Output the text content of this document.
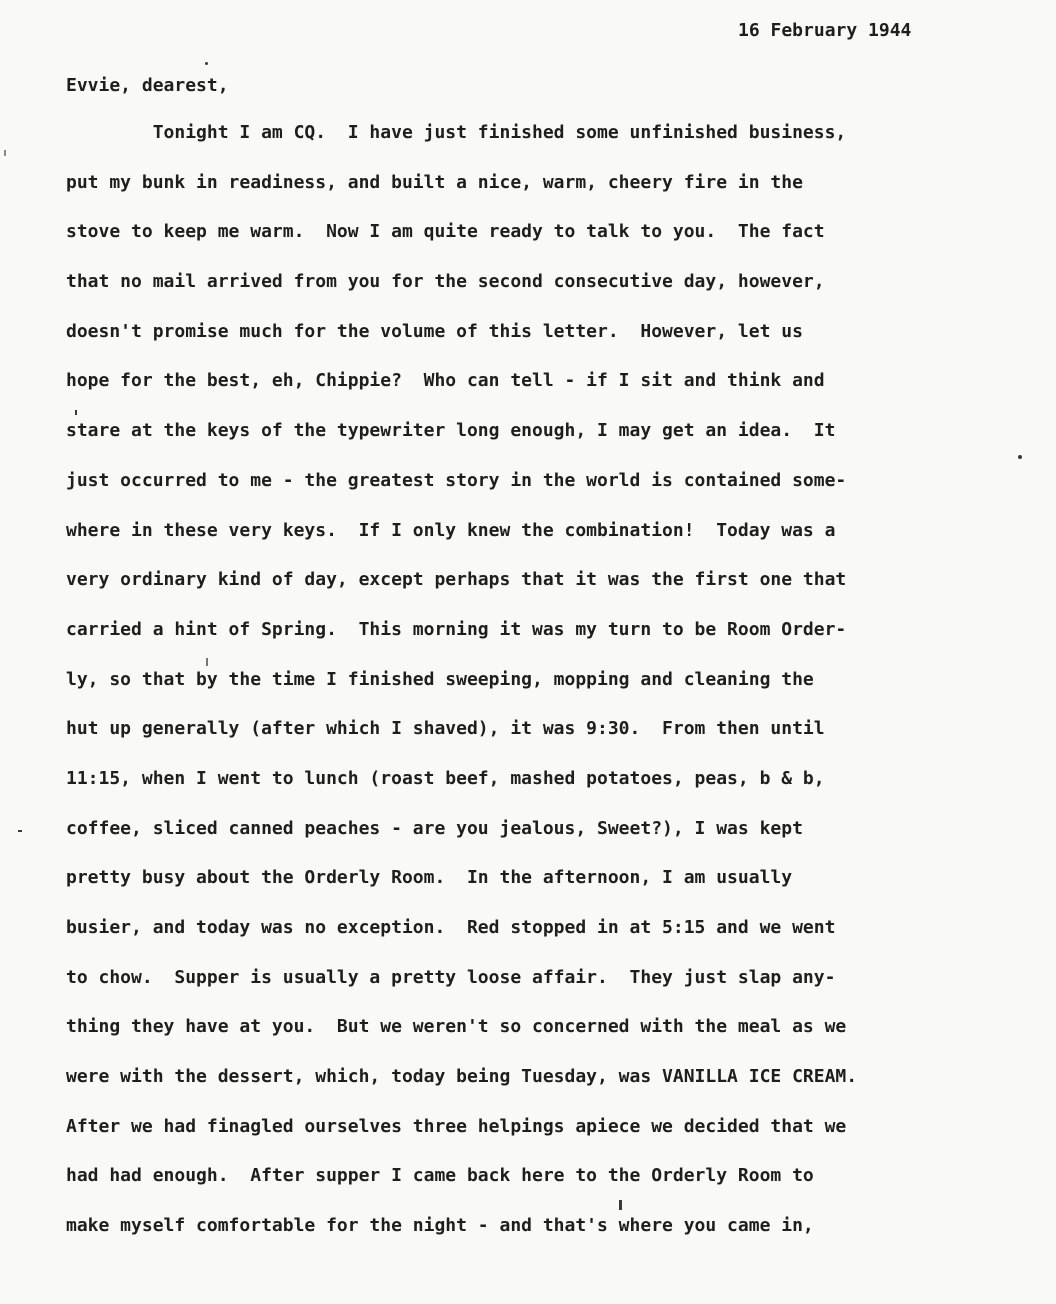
16 February 1944
Evvie, dearest,
Tonight I am CQ.  I have just finished some unfinished business,
put my bunk in readiness, and built a nice, warm, cheery fire in the
stove to keep me warm.  Now I am quite ready to talk to you.  The fact
that no mail arrived from you for the second consecutive day, however,
doesn't promise much for the volume of this letter.  However, let us
hope for the best, eh, Chippie?  Who can tell - if I sit and think and
stare at the keys of the typewriter long enough, I may get an idea.  It
just occurred to me - the greatest story in the world is contained some-
where in these very keys.  If I only knew the combination!  Today was a
very ordinary kind of day, except perhaps that it was the first one that
carried a hint of Spring.  This morning it was my turn to be Room Order-
ly, so that by the time I finished sweeping, mopping and cleaning the
hut up generally (after which I shaved), it was 9:30.  From then until
11:15, when I went to lunch (roast beef, mashed potatoes, peas, b & b,
coffee, sliced canned peaches - are you jealous, Sweet?), I was kept
pretty busy about the Orderly Room.  In the afternoon, I am usually
busier, and today was no exception.  Red stopped in at 5:15 and we went
to chow.  Supper is usually a pretty loose affair.  They just slap any-
thing they have at you.  But we weren't so concerned with the meal as we
were with the dessert, which, today being Tuesday, was VANILLA ICE CREAM.
After we had finagled ourselves three helpings apiece we decided that we
had had enough.  After supper I came back here to the Orderly Room to
make myself comfortable for the night - and that's where you came in,
